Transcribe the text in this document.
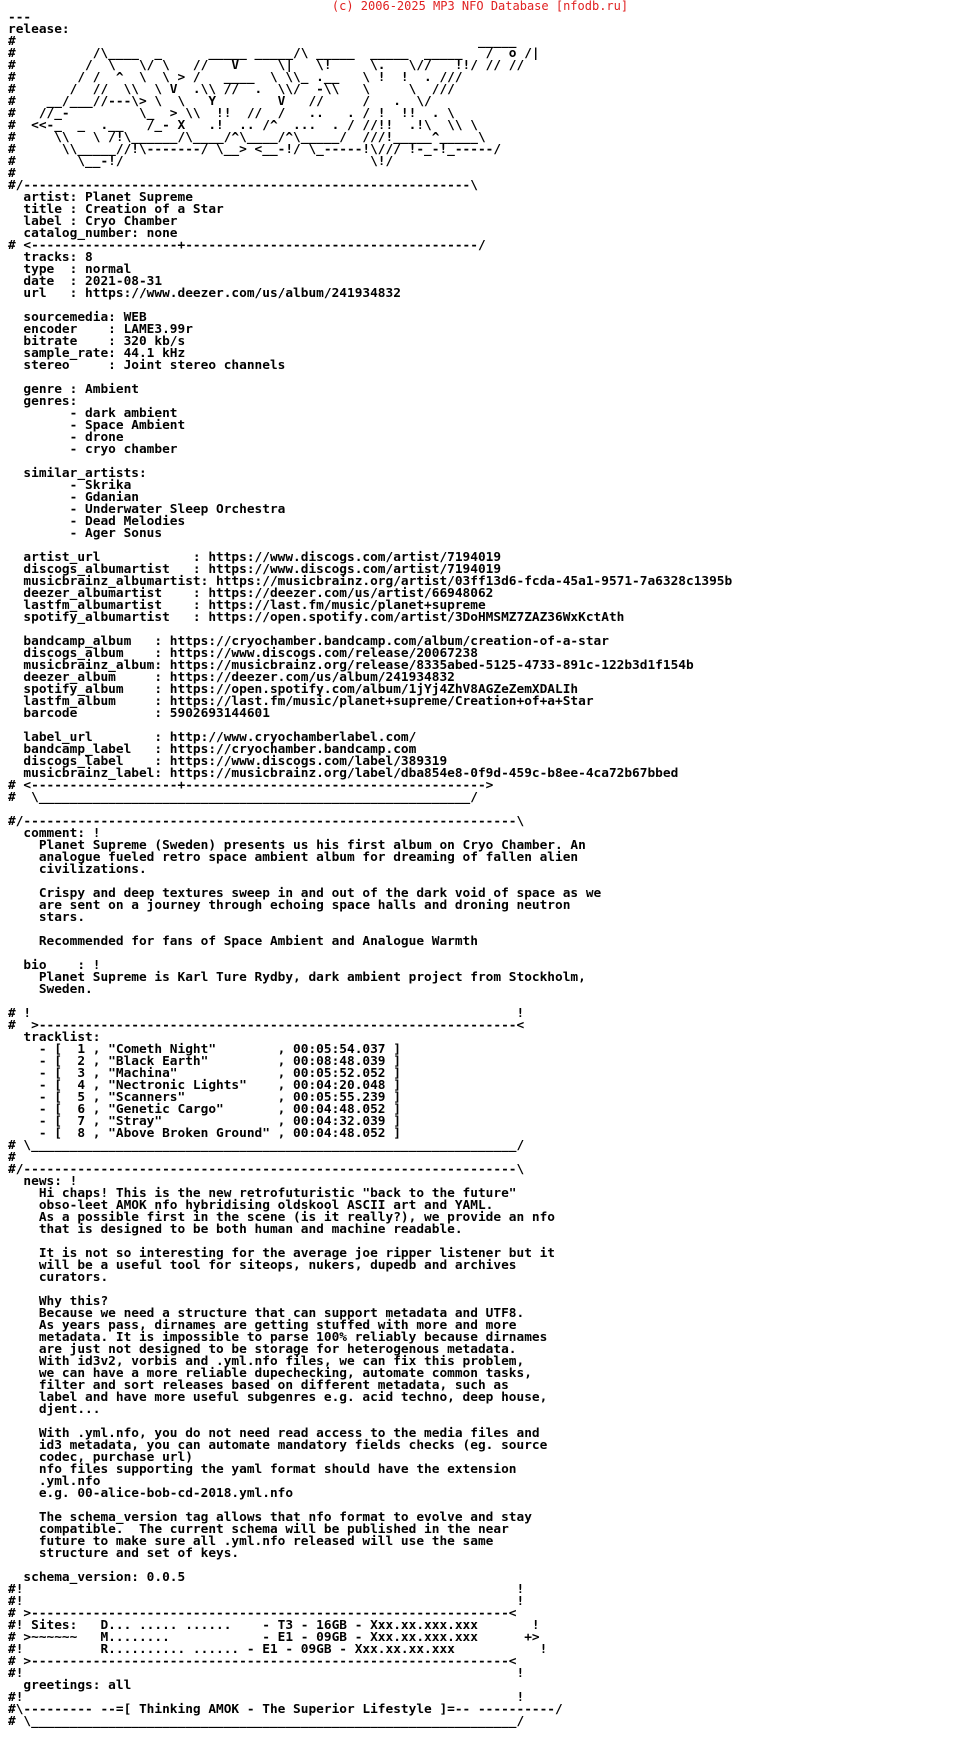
(c) 2006-2025 MP3 NFO Database [nfodb.ru]
---
release:
#                                                            _____
#          /\____  _      _____ _____/\ _____  _____  _____   /  o /|
#         /  \   \/ \   //   V     \|   \!     \.   \//   !!/ // //
#        / /  ^  \  \ > /   ____  \ \\_ .__   \ !  !  . ///
#       /  //  \\  \ V  .\\ //  .  \\/  -\\   \     \  ///
#    __/___//---\> \  \   Y        V   //     /   .  \/
#   //_-         \_  > \\  !!  //  /   ..   . / !  !!  . \
#  <<-_  _  .__   /_- X   .!  .. /^  ...  . / //!!  .!\  \\ \
#     \\   \ /!\______/\____/^\____/^\_____/  ///!_____^_____\
#      \\_____//!\-------/ \__> <__-!/ \_-----!\/// !-_-!_-----/
#        \__-!/                                \!/
#
#/----------------------------------------------------------\
artist: Planet Supreme
title : Creation of a Star
label : Cryo Chamber
catalog_number: none
# <-------------------+--------------------------------------/
tracks: 8
type  : normal
date  : 2021-08-31
url   : https://www.deezer.com/us/album/241934832

sourcemedia: WEB
encoder    : LAME3.99r
bitrate    : 320 kb/s
sample_rate: 44.1 kHz
stereo     : Joint stereo channels

genre : Ambient
genres:
- dark ambient
- Space Ambient
- drone
- cryo chamber

similar_artists:
- Skrika
- Gdanian
- Underwater Sleep Orchestra
- Dead Melodies
- Ager Sonus

artist_url            : https://www.discogs.com/artist/7194019
discogs_albumartist   : https://www.discogs.com/artist/7194019
musicbrainz_albumartist: https://musicbrainz.org/artist/03ff13d6-fcda-45a1-9571-7a6328c1395b
deezer_albumartist    : https://deezer.com/us/artist/66948062
lastfm_albumartist    : https://last.fm/music/planet+supreme
spotify_albumartist   : https://open.spotify.com/artist/3DoHMSMZ7ZAZ36WxKctAth

bandcamp_album   : https://cryochamber.bandcamp.com/album/creation-of-a-star
discogs_album    : https://www.discogs.com/release/20067238
musicbrainz_album: https://musicbrainz.org/release/8335abed-5125-4733-891c-122b3d1f154b
deezer_album     : https://deezer.com/us/album/241934832
spotify_album    : https://open.spotify.com/album/1jYj4ZhV8AGZeZemXDALIh
lastfm_album     : https://last.fm/music/planet+supreme/Creation+of+a+Star
barcode          : 5902693144601

label_url        : http://www.cryochamberlabel.com/
bandcamp_label   : https://cryochamber.bandcamp.com
discogs_label    : https://www.discogs.com/label/389319
musicbrainz_label: https://musicbrainz.org/label/dba854e8-0f9d-459c-b8ee-4ca72b67bbed
# <-------------------+--------------------------------------->
#  \________________________________________________________/

#/----------------------------------------------------------------\
comment: !
Planet Supreme (Sweden) presents us his first album on Cryo Chamber. An
analogue fueled retro space ambient album for dreaming of fallen alien
civilizations.

Crispy and deep textures sweep in and out of the dark void of space as we
are sent on a journey through echoing space halls and droning neutron
stars.

Recommended for fans of Space Ambient and Analogue Warmth

bio    : !
Planet Supreme is Karl Ture Rydby, dark ambient project from Stockholm,
Sweden.

# !                                                               !
#  >--------------------------------------------------------------<
tracklist:
- [  1 , "Cometh Night"        , 00:05:54.037 ]
- [  2 , "Black Earth"         , 00:08:48.039 ]
- [  3 , "Machina"             , 00:05:52.052 ]
- [  4 , "Nectronic Lights"    , 00:04:20.048 ]
- [  5 , "Scanners"            , 00:05:55.239 ]
- [  6 , "Genetic Cargo"       , 00:04:48.052 ]
- [  7 , "Stray"               , 00:04:32.039 ]
- [  8 , "Above Broken Ground" , 00:04:48.052 ]
# \_______________________________________________________________/
#
#/----------------------------------------------------------------\
news: !
Hi chaps! This is the new retrofuturistic "back to the future"
obso-leet AMOK nfo hybridising oldskool ASCII art and YAML.
As a possible first in the scene (is it really?), we provide an nfo
that is designed to be both human and machine readable.

It is not so interesting for the average joe ripper listener but it
will be a useful tool for siteops, nukers, dupedb and archives
curators.

Why this?
Because we need a structure that can support metadata and UTF8.
As years pass, dirnames are getting stuffed with more and more
metadata. It is impossible to parse 100% reliably because dirnames
are just not designed to be storage for heterogenous metadata.
With id3v2, vorbis and .yml.nfo files, we can fix this problem,
we can have a more reliable dupechecking, automate common tasks,
filter and sort releases based on different metadata, such as
label and have more useful subgenres e.g. acid techno, deep house,
djent...

With .yml.nfo, you do not need read access to the media files and
id3 metadata, you can automate mandatory fields checks (eg. source
codec, purchase url)
nfo files supporting the yaml format should have the extension
.yml.nfo
e.g. 00-alice-bob-cd-2018.yml.nfo

The schema_version tag allows that nfo format to evolve and stay
compatible.  The current schema will be published in the near
future to make sure all .yml.nfo released will use the same
structure and set of keys.

schema_version: 0.0.5
#!                                                                !
#!                                                                !
# >--------------------------------------------------------------<
#! Sites:   D... ..... ......    - T3 - 16GB - Xxx.xx.xxx.xxx       !
# >~~~~~~   M........            - E1 - 09GB - Xxx.xx.xxx.xxx      +>
#!          R.......... ...... - E1 - 09GB - Xxx.xx.xx.xxx           !
# >--------------------------------------------------------------<
#!                                                                !
greetings: all
#!                                                                !
#\--------- --=[ Thinking AMOK - The Superior Lifestyle ]=-- ----------/
# \_______________________________________________________________/
